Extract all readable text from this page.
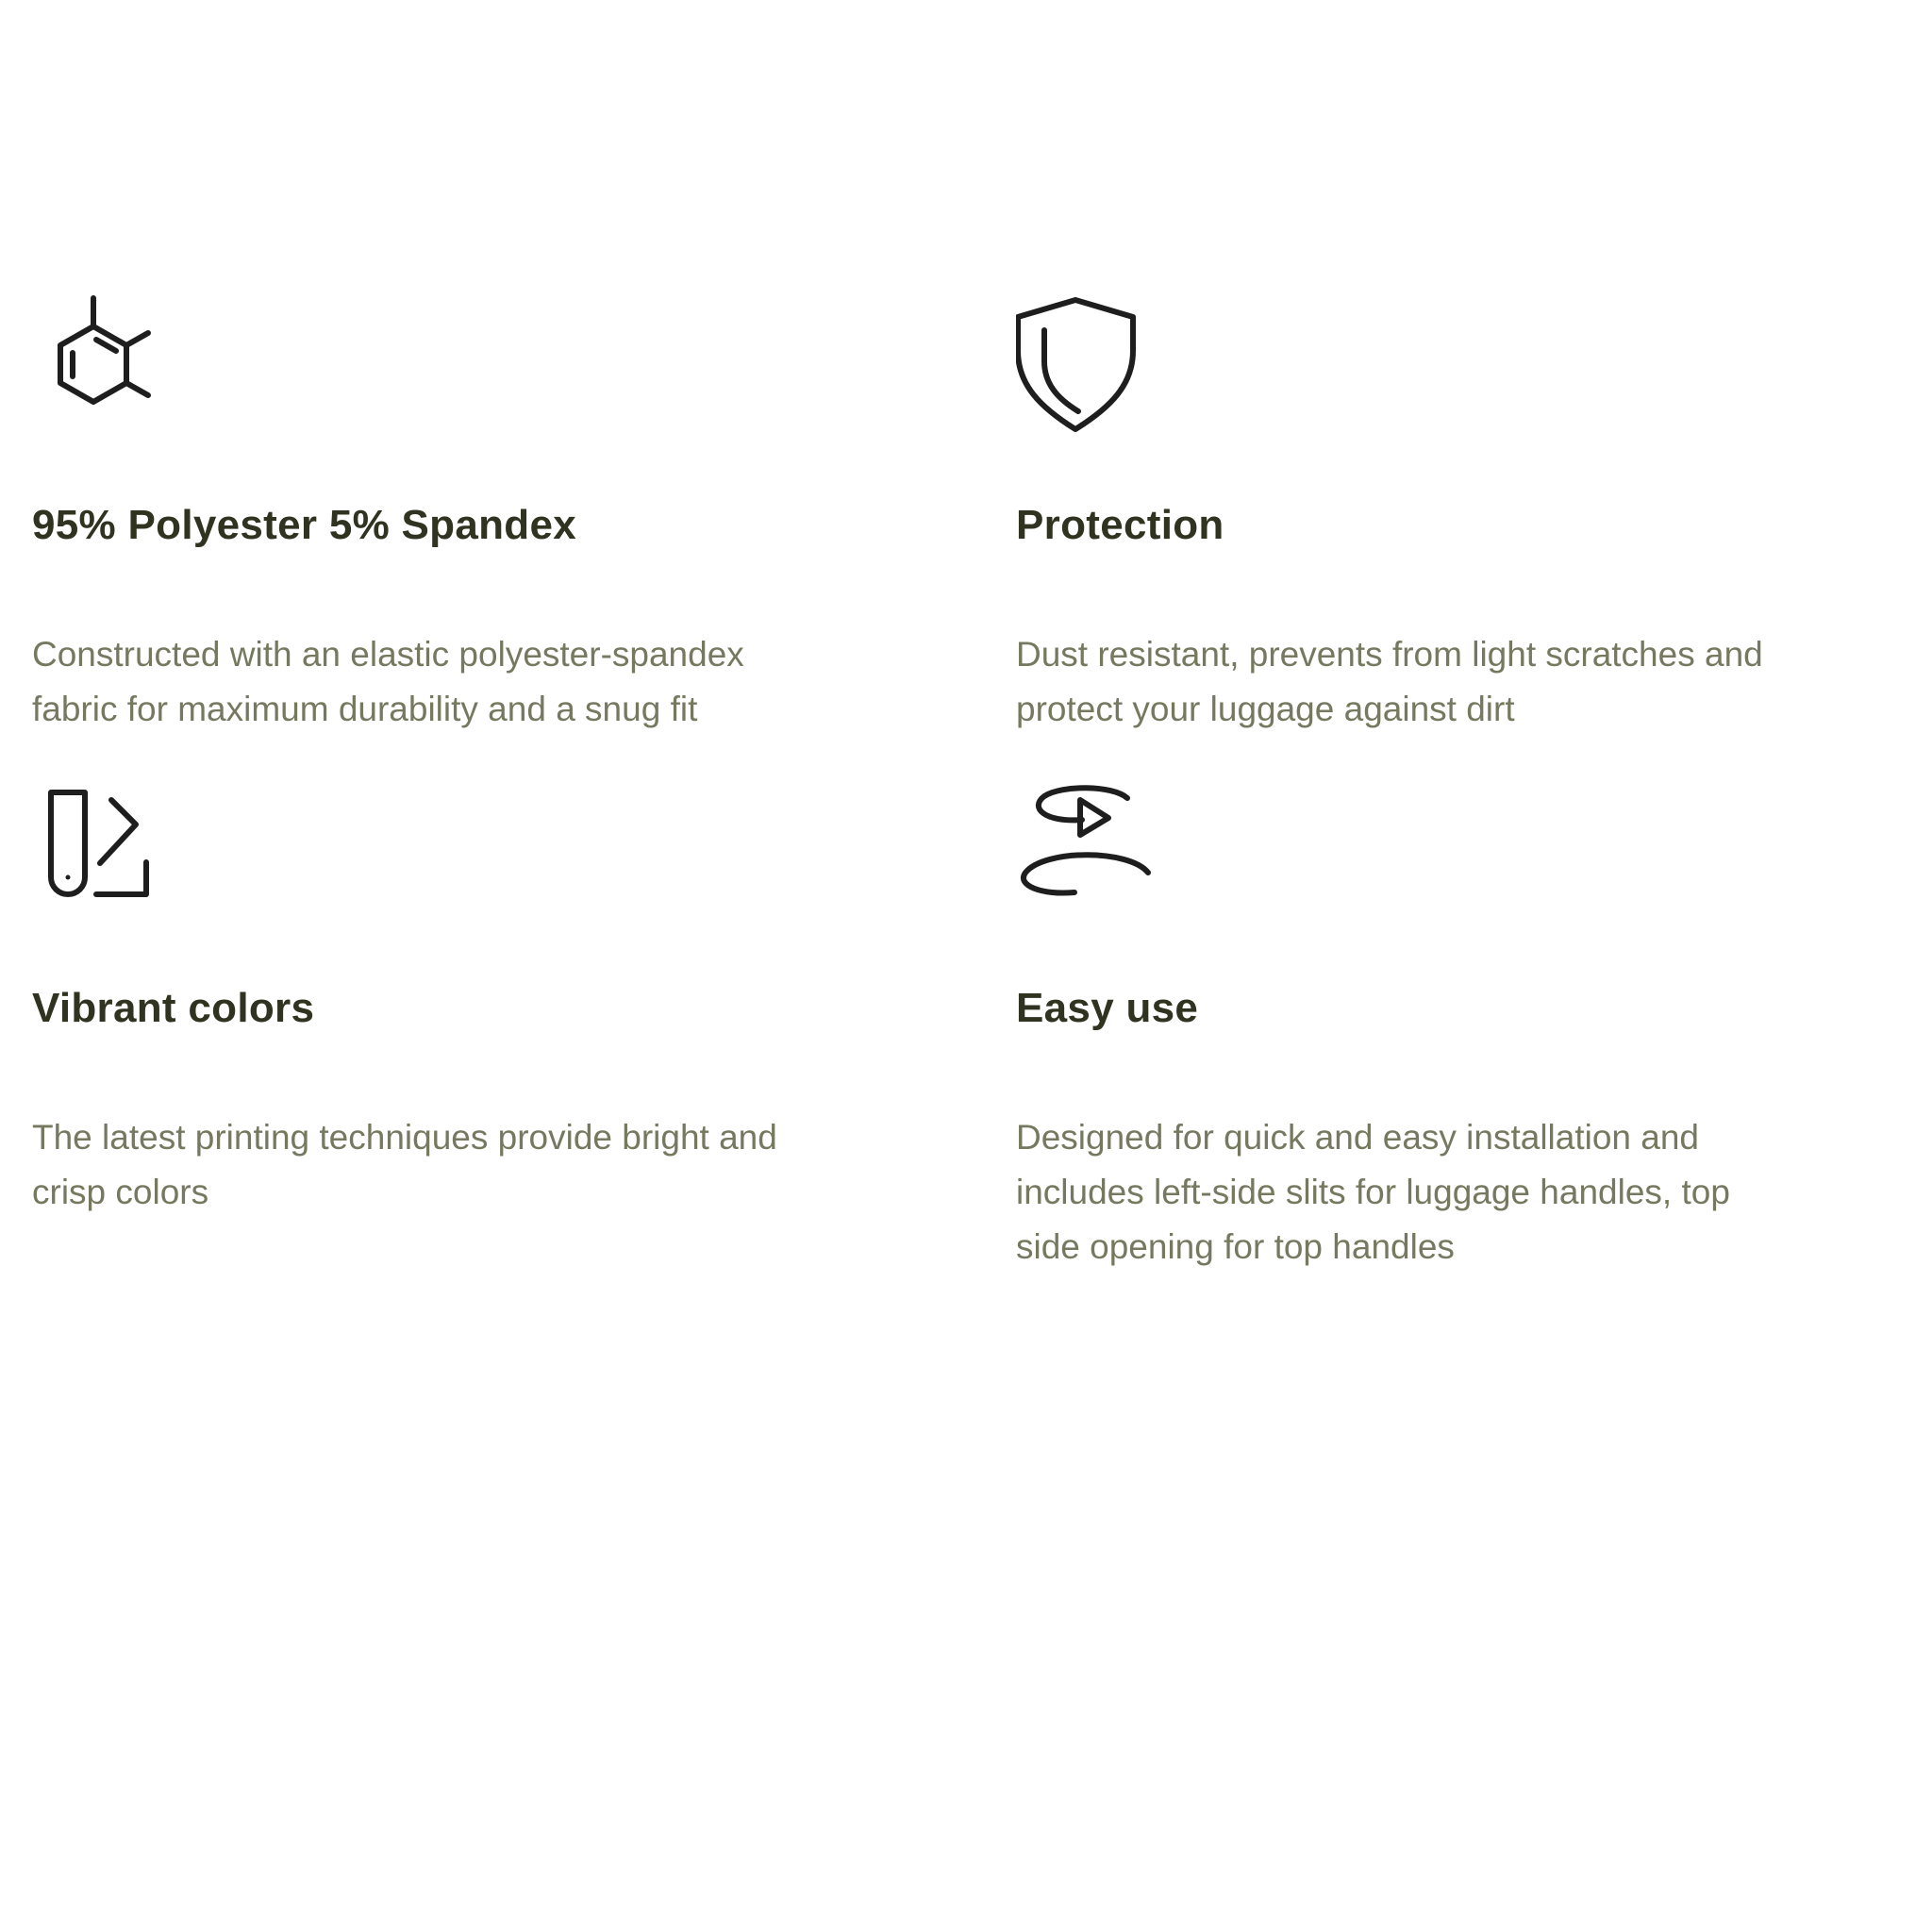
95% Polyester 5% Spandex

Constructed with an elastic polyester-spandex
fabric for maximum durability and a snug fit

Protection

Dust resistant, prevents from light scratches and
protect your luggage against dirt

Vibrant colors

The latest printing techniques provide bright and
crisp colors

Easy use

Designed for quick and easy installation and
includes left-side slits for luggage handles, top
side opening for top handles
